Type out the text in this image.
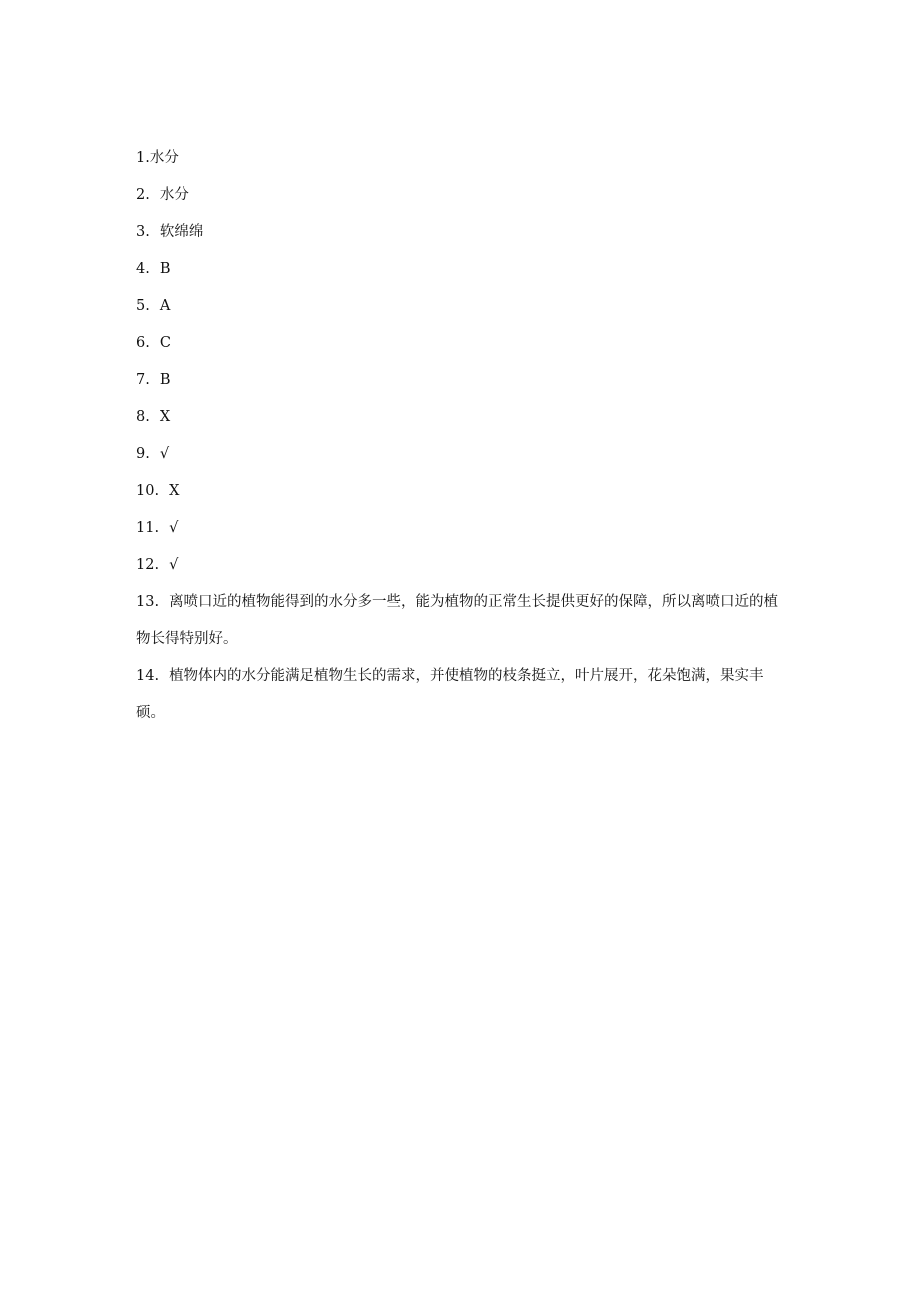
1. 水分
2. 水分
3. 软绵绵
4. B
5. A
6. C
7. B
8. X
9. √
10. X
11. √
12. √
13. 离喷口近的植物能得到的水分多一些，能为植物的正常生长提供更好的保障，所以离喷口近的植物长得特别好。
14. 植物体内的水分能满足植物生长的需求，并使植物的枝条挺立，叶片展开，花朵饱满，果实丰硕。
